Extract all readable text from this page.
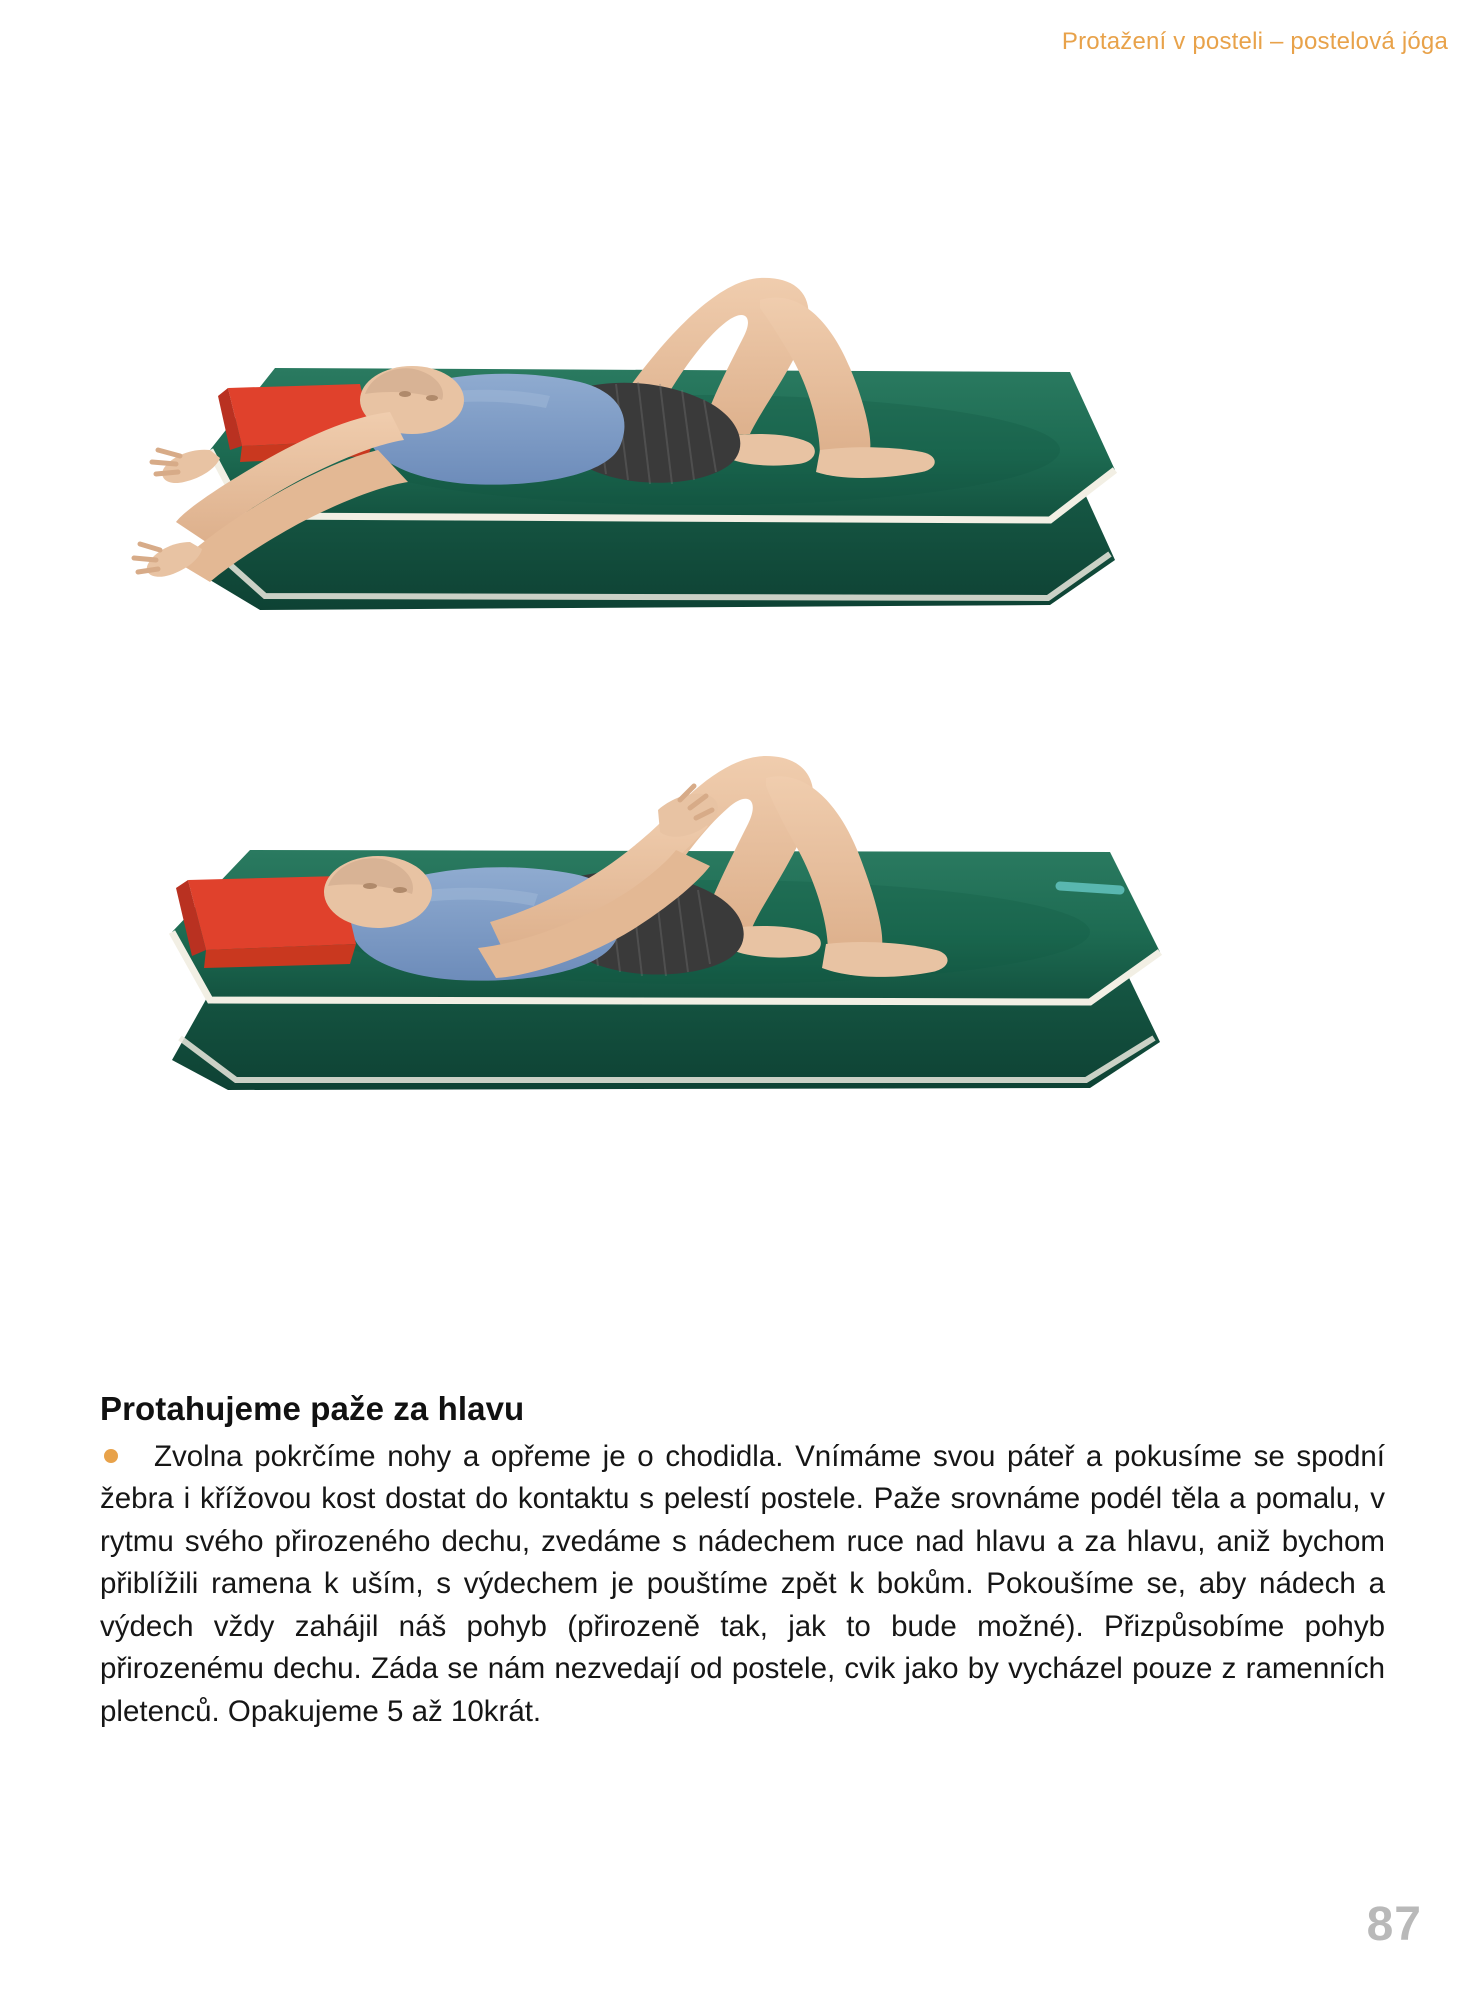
Protažení v posteli – postelová jóga
Protahujeme paže za hlavu

Zvolna pokrčíme nohy a opřeme je o chodidla. Vnímáme svou páteř a pokusíme se spodní žebra i křížovou kost dostat do kontaktu s pelestí postele. Paže srovnáme podél těla a pomalu, v rytmu svého přirozeného dechu, zvedáme s nádechem ruce nad hlavu a za hlavu, aniž bychom přiblížili ramena k uším, s výdechem je pouštíme zpět k bokům. Pokoušíme se, aby nádech a výdech vždy zahájil náš pohyb (přirozeně tak, jak to bude možné). Přizpůsobíme pohyb přirozenému dechu. Záda se nám nezvedají od postele, cvik jako by vycházel pouze z ramenních pletenců. Opakujeme 5 až 10krát.

87
